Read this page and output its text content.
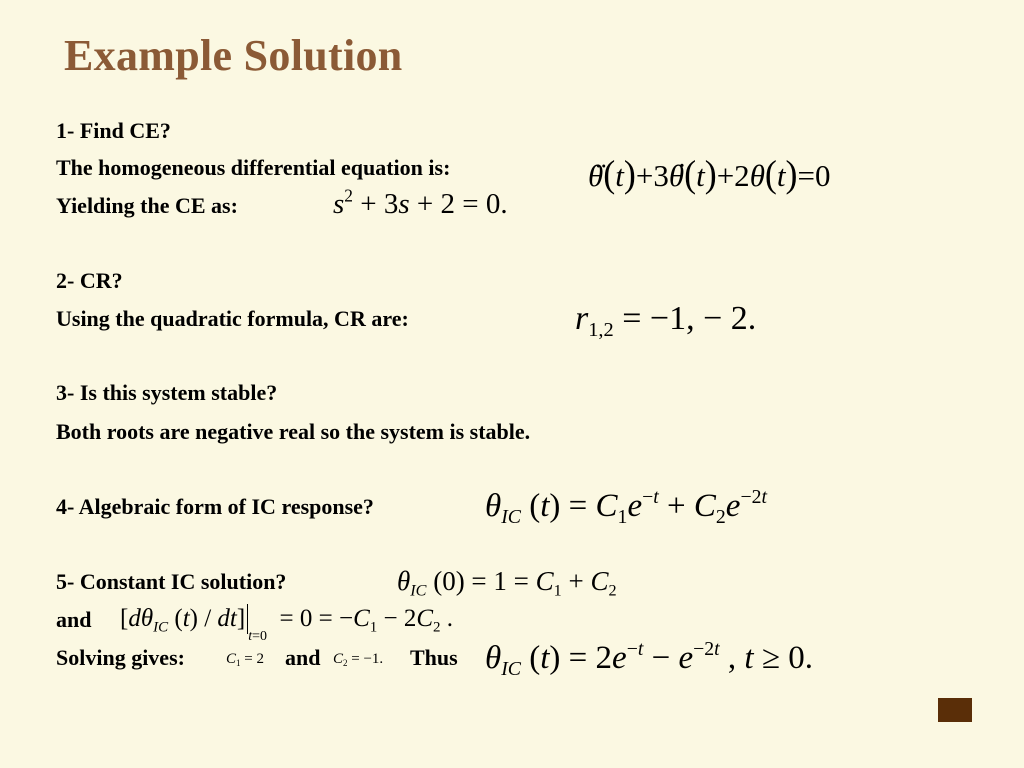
Example Solution
1- Find CE?
The homogeneous differential equation is:
Yielding the CE as:
¨ θ(t)+3˙ θ(t)+2θ(t)=0
$s^2 + 3s + 2 = 0$.
2- CR?
Using the quadratic formula, CR are:	$r_{1,2} = -1$, − 2.
3- Is this system stable?
Both roots are negative real so the system is stable.
4- Algebraic form of IC response?	$\theta_{IC}$ $(t) = C_1e^{-t} + C_2e^{-2t}$
5- Constant IC solution?	$\theta_{IC}$ $(0) = 1 = C_1 + C_2$
and [$d\theta_{IC}$ $(t) / dt]_{t=0} = 0 = -C_1 - 2C_2$ .
Solving gives:	$C_1 = 2$ and $C_2 = -1$. Thus $\theta_{IC}$ $(t) = 2e^{-t} - e^{-2t}$ , t ≥ 0.
